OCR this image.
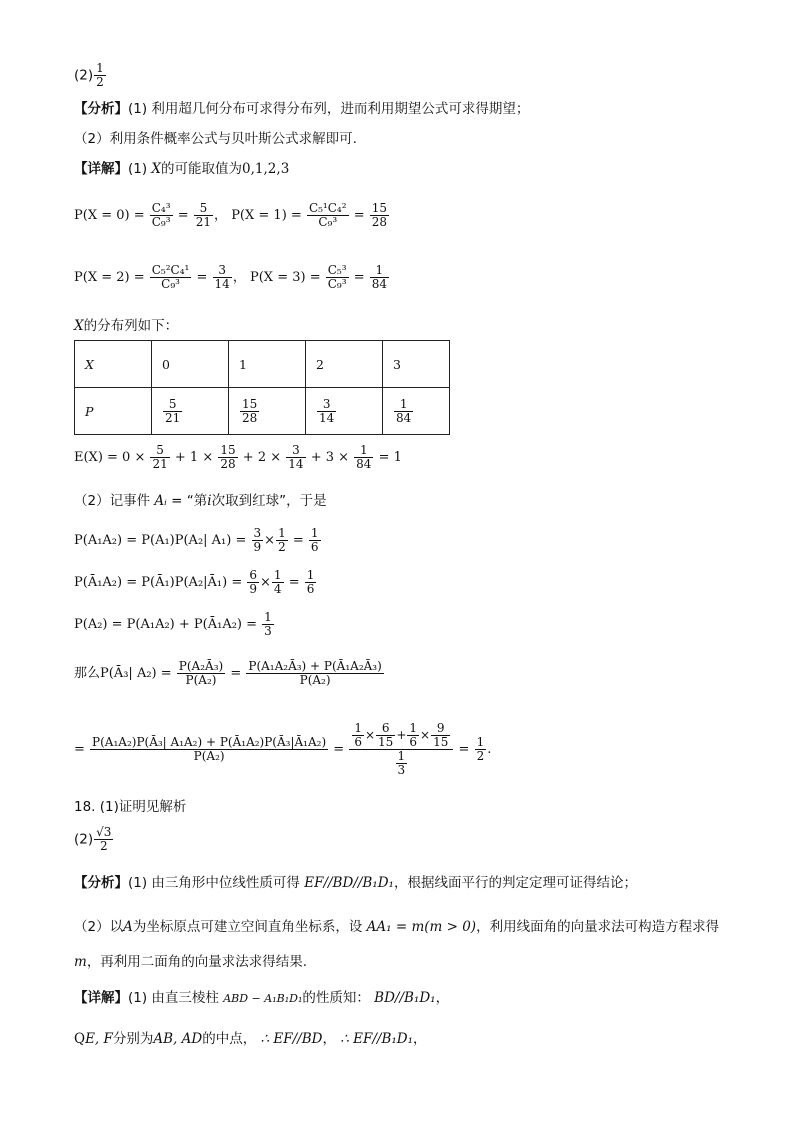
$(2) \frac{1}{2}$
【分析】(1) 利用超几何分布可求得分布列，进而利用期望公式可求得期望；
（2）利用条件概率公式与贝叶斯公式求解即可.
【详解】(1) X的可能取值为0,1,2,3
$P(X = 0) = \frac{\text{C₄³}}{\text{C₉³}} = \frac{5}{21}$ ， $P(X = 1) = \frac{\text{C₅¹C₄²}}{\text{C₉³}} = \frac{15}{28}$
$P(X = 2) = \frac{\text{C₅²C₄¹}}{\text{C₉³}} = \frac{3}{14}$ ， $P(X = 3) = \frac{\text{C₅³}}{\text{C₉³}} = \frac{1}{84}$
X的分布列如下：
X	0	1	2	3
P	$\frac{5}{21}$	$\frac{15}{28}$	$\frac{3}{14}$	$\frac{1}{84}$
$E(X) = 0 \times \frac{5}{21} + 1 \times \frac{15}{28} + 2 \times \frac{3}{14} + 3 \times \frac{1}{84} = 1$
（2）记事件 Aᵢ = “第i次取到红球”，于是
P(A₁A₂) = P(A₁)P(A₂| $A_1) = \frac{3}{9} \times \frac{1}{2} = \frac{1}{6}$
P(Ā₁A₂) = P(Ā₁)P(A₂|Ā₁) = $\frac{6}{9} \times \frac{1}{4} = \frac{1}{6}$
P(A₂) = P(A₁A₂) + P(Ā₁A₂) = $\frac{1}{3}$
那么P(Ā₃| $A_2) = \frac{\text{P(A₂Ā₃)}}{\text{P(A₂)}} = \frac{\text{P(A₁A₂Ā₃) + P(Ā₁A₂Ā₃)}}{\text{P(A₂)}}$
= $\frac{\text{P(A₁A₂)P(Ā₃| A₁A₂) + P(Ā₁A₂)P(Ā₃|Ā₁A₂)}}{\text{P(A₂)}} = \frac{\frac{1}{6} \times \frac{6}{15} + \frac{1}{6} \times \frac{9}{15}}{\frac{1}{3}} = \frac{1}{2}$ .
18. (1)证明见解析
$(2) \frac{√3}{2}$
【分析】(1) 由三角形中位线性质可得 EF//BD//B₁D₁，根据线面平行的判定定理可证得结论；
（2）以A为坐标原点可建立空间直角坐标系，设 AA₁ = m(m > 0)，利用线面角的向量求法可构造方程求得
m，再利用二面角的向量求法求得结果.
【详解】(1) 由直三棱柱 ABD − A₁B₁D₁的性质知： BD//B₁D₁，
QE, F分别为AB, AD的中点， ∴ EF//BD， ∴ EF//B₁D₁，
